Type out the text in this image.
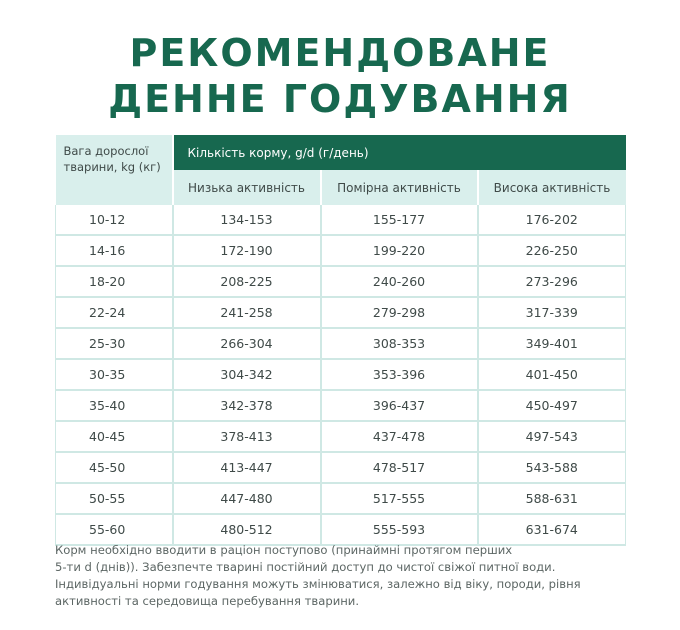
РЕКОМЕНДОВАНЕ
ДЕННЕ ГОДУВАННЯ
Вага дорослої тварини, kg (кг)	Кількість корму, g/d (г/день)		
	Низька активність	Помірна активність	Висока активність
10-12	134-153	155-177	176-202
14-16	172-190	199-220	226-250
18-20	208-225	240-260	273-296
22-24	241-258	279-298	317-339
25-30	266-304	308-353	349-401
30-35	304-342	353-396	401-450
35-40	342-378	396-437	450-497
40-45	378-413	437-478	497-543
45-50	413-447	478-517	543-588
50-55	447-480	517-555	588-631
55-60	480-512	555-593	631-674
Корм необхідно вводити в раціон поступово (принаймні протягом перших
5-ти d (днів)). Забезпечте тварині постійний доступ до чистої свіжої питної води.
Індивідуальні норми годування можуть змінюватися, залежно від віку, породи, рівня
активності та середовища перебування тварини.
